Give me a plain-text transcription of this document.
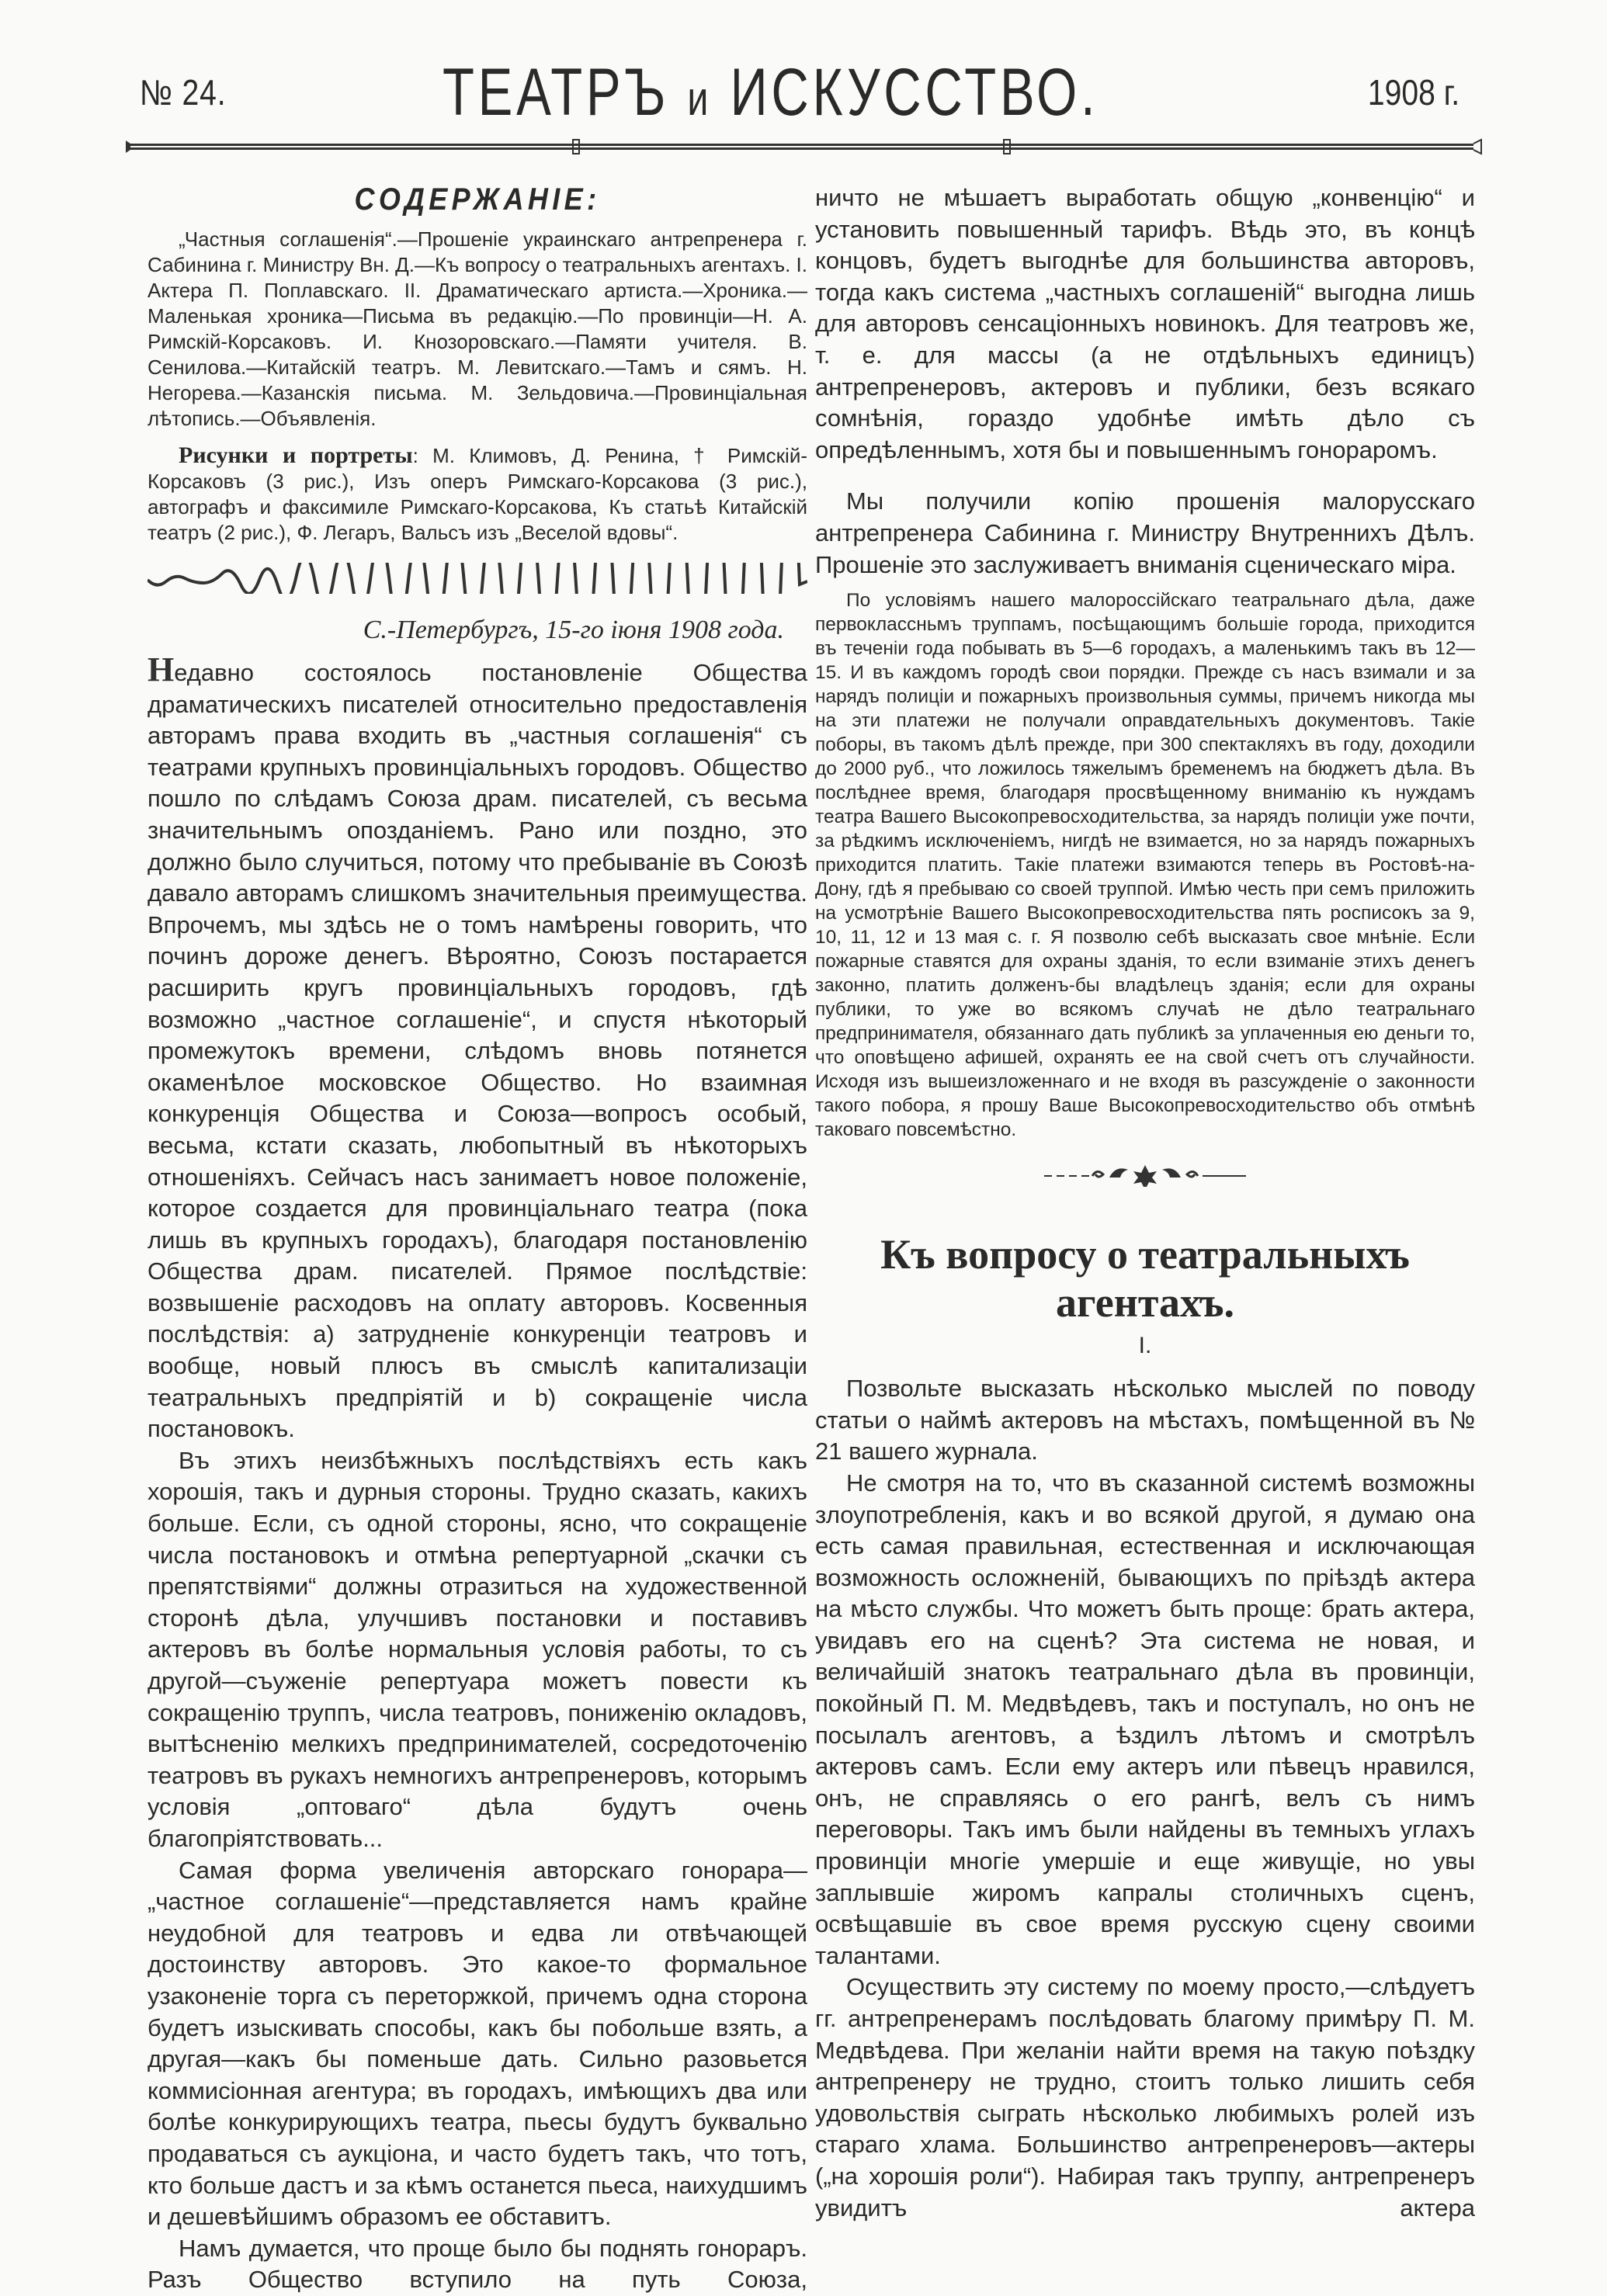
№ 24.	ТЕАТРЪ и ИСКУССТВО.	1908 г.
СОДЕРЖАНІЕ:

„Частныя соглашенія“.—Прошеніе украинскаго антрепренера г. Сабинина г. Министру Вн. Д.—Къ вопросу о театральныхъ агентахъ. I. Актера П. Поплавскаго. II. Драматическаго артиста.—Хроника.—Маленькая хроника—Письма въ редакцію.—По провинціи—Н. А. Римскій-Корсаковъ. И. Кнозоровскаго.—Памяти учителя. В. Сенилова.—Китайскій театръ. М. Левитскаго.—Тамъ и сямъ. Н. Негорева.—Казанскія письма. М. Зельдовича.—Провинціальная лѣтопись.—Объявленія.

Рисунки и портреты: М. Климовъ, Д. Ренина, † Римскій-Корсаковъ (3 рис.), Изъ оперъ Римскаго-Корсакова (3 рис.), автографъ и факсимиле Римскаго-Корсакова, Къ статьѣ Китайскій театръ (2 рис.), Ф. Легаръ, Вальсъ изъ „Веселой вдовы“.

С.-Петербургъ, 15-го іюня 1908 года.

Недавно состоялось постановленіе Общества драматическихъ писателей относительно предоставленія авторамъ права входить въ „частныя соглашенія“ съ театрами крупныхъ провинціальныхъ городовъ. Общество пошло по слѣдамъ Союза драм. писателей, съ весьма значительнымъ опозданіемъ. Рано или поздно, это должно было случиться, потому что пребываніе въ Союзѣ давало авторамъ слишкомъ значительныя преимущества. Впрочемъ, мы здѣсь не о томъ намѣрены говорить, что починъ дороже денегъ. Вѣроятно, Союзъ постарается расширить кругъ провинціальныхъ городовъ, гдѣ возможно „частное соглашеніе“, и спустя нѣкоторый промежутокъ времени, слѣдомъ вновь потянется окаменѣлое московское Общество. Но взаимная конкуренція Общества и Союза—вопросъ особый, весьма, кстати сказать, любопытный въ нѣкоторыхъ отношеніяхъ. Сейчасъ насъ занимаетъ новое положеніе, которое создается для провинціальнаго театра (пока лишь въ крупныхъ городахъ), благодаря постановленію Общества драм. писателей. Прямое послѣдствіе: возвышеніе расходовъ на оплату авторовъ. Косвенныя послѣдствія: a) затрудненіе конкуренціи театровъ и вообще, новый плюсъ въ смыслѣ капитализаціи театральныхъ предпріятій и b) сокращеніе числа постановокъ.

Въ этихъ неизбѣжныхъ послѣдствіяхъ есть какъ хорошія, такъ и дурныя стороны. Трудно сказать, какихъ больше. Если, съ одной стороны, ясно, что сокращеніе числа постановокъ и отмѣна репертуарной „скачки съ препятствіями“ должны отразиться на художественной сторонѣ дѣла, улучшивъ постановки и поставивъ актеровъ въ болѣе нормальныя условія работы, то съ другой—съуженіе репертуара можетъ повести къ сокращенію труппъ, числа театровъ, пониженію окладовъ, вытѣсненію мелкихъ предпринимателей, сосредоточенію театровъ въ рукахъ немногихъ антрепренеровъ, которымъ условія „оптоваго“ дѣла будутъ очень благопріятствовать...

Самая форма увеличенія авторскаго гонорара—„частное соглашеніе“—представляется намъ крайне неудобной для театровъ и едва ли отвѣчающей достоинству авторовъ. Это какое-то формальное узаконеніе торга съ переторжкой, причемъ одна сторона будетъ изыскивать способы, какъ бы побольше взять, а другая—какъ бы поменьше дать. Сильно разовьется коммисіонная агентура; въ городахъ, имѣющихъ два или болѣе конкурирующихъ театра, пьесы будутъ буквально продаваться съ аукціона, и часто будетъ такъ, что тотъ, кто больше дастъ и за кѣмъ останется пьеса, наихудшимъ и дешевѣйшимъ образомъ ее обставитъ.

Намъ думается, что проще было бы поднять гонораръ. Разъ Общество вступило на путь Союза,

ничто не мѣшаетъ выработать общую „конвенцію“ и установить повышенный тарифъ. Вѣдь это, въ концѣ концовъ, будетъ выгоднѣе для большинства авторовъ, тогда какъ система „частныхъ соглашеній“ выгодна лишь для авторовъ сенсаціонныхъ новинокъ. Для театровъ же, т. е. для массы (а не отдѣльныхъ единицъ) антрепренеровъ, актеровъ и публики, безъ всякаго сомнѣнія, гораздо удобнѣе имѣть дѣло съ опредѣленнымъ, хотя бы и повышеннымъ гонораромъ.

Мы получили копію прошенія малорусскаго антрепренера Сабинина г. Министру Внутреннихъ Дѣлъ. Прошеніе это заслуживаетъ вниманія сценическаго міра.

По условіямъ нашего малороссійскаго театральнаго дѣла, даже первоклассньмъ труппамъ, посѣщающимъ большіе города, приходится въ теченіи года побывать въ 5—6 городахъ, а маленькимъ такъ въ 12—15. И въ каждомъ городѣ свои порядки. Прежде съ насъ взимали и за нарядъ полиціи и пожарныхъ произвольныя суммы, причемъ никогда мы на эти платежи не получали оправдательныхъ документовъ. Такіе поборы, въ такомъ дѣлѣ прежде, при 300 спектакляхъ въ году, доходили до 2000 руб., что ложилось тяжелымъ бременемъ на бюджетъ дѣла. Въ послѣднее время, благодаря просвѣщенному вниманію къ нуждамъ театра Вашего Высокопревосходительства, за нарядъ полиціи уже почти, за рѣдкимъ исключеніемъ, нигдѣ не взимается, но за нарядъ пожарныхъ приходится платить. Такіе платежи взимаются теперь въ Ростовѣ-на-Дону, гдѣ я пребываю со своей труппой. Имѣю честь при семъ приложить на усмотрѣніе Вашего Высокопревосходительства пять росписокъ за 9, 10, 11, 12 и 13 мая с. г. Я позволю себѣ высказать свое мнѣніе. Если пожарные ставятся для охраны зданія, то если взиманіе этихъ денегъ законно, платить долженъ-бы владѣлецъ зданія; если для охраны публики, то уже во всякомъ случаѣ не дѣло театральнаго предпринимателя, обязаннаго дать публикѣ за уплаченныя ею деньги то, что оповѣщено афишей, охранять ее на свой счетъ отъ случайности. Исходя изъ вышеизложеннаго и не входя въ разсужденіе о законности такого побора, я прошу Ваше Высокопревосходительство объ отмѣнѣ таковаго повсемѣстно.

Къ вопросу о театральныхъ агентахъ.
I.

Позвольте высказать нѣсколько мыслей по поводу статьи о наймѣ актеровъ на мѣстахъ, помѣщенной въ № 21 вашего журнала.

Не смотря на то, что въ сказанной системѣ возможны злоупотребленія, какъ и во всякой другой, я думаю она есть самая правильная, естественная и исключающая возможность осложненій, бывающихъ по пріѣздѣ актера на мѣсто службы. Что можетъ быть проще: брать актера, увидавъ его на сценѣ? Эта система не новая, и величайшій знатокъ театральнаго дѣла въ провинціи, покойный П. М. Медвѣдевъ, такъ и поступалъ, но онъ не посылалъ агентовъ, а ѣздилъ лѣтомъ и смотрѣлъ актеровъ самъ. Если ему актеръ или пѣвецъ нравился, онъ, не справляясь о его рангѣ, велъ съ нимъ переговоры. Такъ имъ были найдены въ темныхъ углахъ провинціи многіе умершіе и еще живущіе, но увы заплывшіе жиромъ капралы столичныхъ сценъ, освѣщавшіе въ свое время русскую сцену своими талантами.

Осуществить эту систему по моему просто,—слѣдуетъ гг. антрепренерамъ послѣдовать благому примѣру П. М. Медвѣдева. При желаніи найти время на такую поѣздку антрепренеру не трудно, стоитъ только лишить себя удовольствія сыграть нѣсколько любимыхъ ролей изъ стараго хлама. Большинство антрепренеровъ—актеры („на хорошія роли“). Набирая такъ труппу, антрепренеръ увидитъ актера
